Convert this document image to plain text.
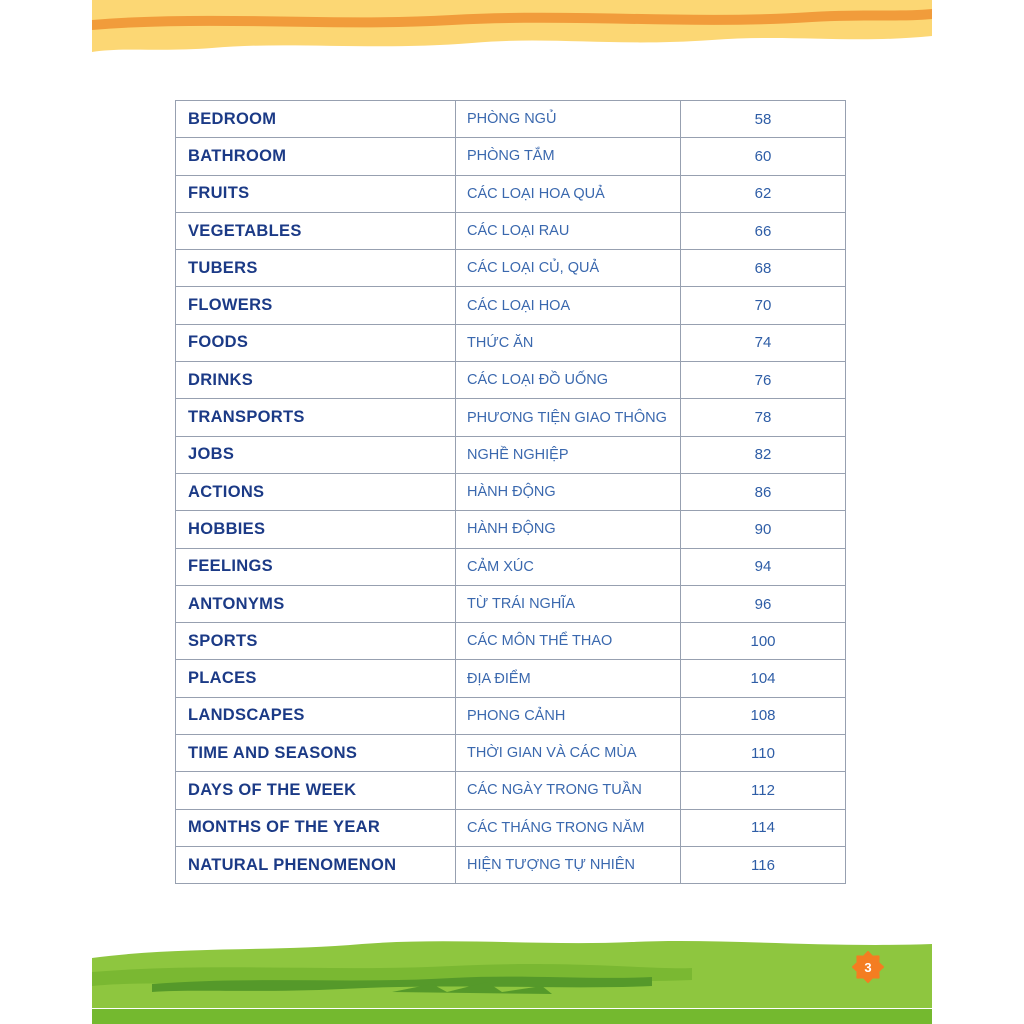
BEDROOM	PHÒNG NGỦ	58
BATHROOM	PHÒNG TẮM	60
FRUITS	CÁC LOẠI HOA QUẢ	62
VEGETABLES	CÁC LOẠI RAU	66
TUBERS	CÁC LOẠI CỦ, QUẢ	68
FLOWERS	CÁC LOẠI HOA	70
FOODS	THỨC ĂN	74
DRINKS	CÁC LOẠI ĐỒ UỐNG	76
TRANSPORTS	PHƯƠNG TIỆN GIAO THÔNG	78
JOBS	NGHỀ NGHIỆP	82
ACTIONS	HÀNH ĐỘNG	86
HOBBIES	HÀNH ĐỘNG	90
FEELINGS	CẢM XÚC	94
ANTONYMS	TỪ TRÁI NGHĨA	96
SPORTS	CÁC MÔN THỂ THAO	100
PLACES	ĐỊA ĐIỂM	104
LANDSCAPES	PHONG CẢNH	108
TIME AND SEASONS	THỜI GIAN VÀ CÁC MÙA	110
DAYS OF THE WEEK	CÁC NGÀY TRONG TUẦN	112
MONTHS OF THE YEAR	CÁC THÁNG TRONG NĂM	114
NATURAL PHENOMENON	HIỆN TƯỢNG TỰ NHIÊN	116
3
